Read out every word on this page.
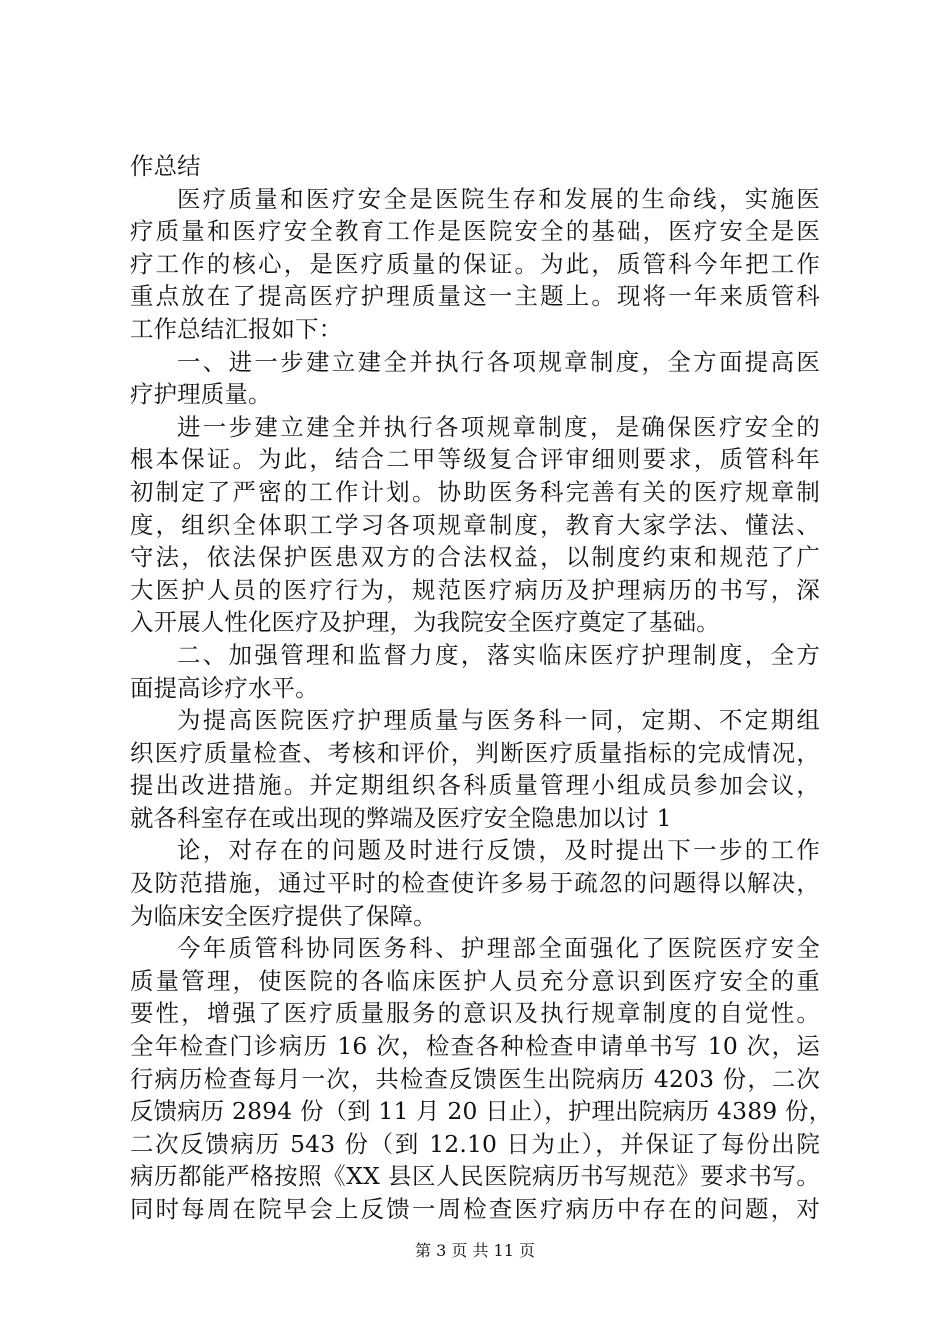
作总结
医疗质量和医疗安全是医院生存和发展的生命线，实施医
疗质量和医疗安全教育工作是医院安全的基础，医疗安全是医
疗工作的核心，是医疗质量的保证。为此，质管科今年把工作
重点放在了提高医疗护理质量这一主题上。现将一年来质管科
工作总结汇报如下：
一、进一步建立建全并执行各项规章制度，全方面提高医
疗护理质量。
进一步建立建全并执行各项规章制度，是确保医疗安全的
根本保证。为此，结合二甲等级复合评审细则要求，质管科年
初制定了严密的工作计划。协助医务科完善有关的医疗规章制
度，组织全体职工学习各项规章制度，教育大家学法、懂法、
守法，依法保护医患双方的合法权益，以制度约束和规范了广
大医护人员的医疗行为，规范医疗病历及护理病历的书写，深
入开展人性化医疗及护理，为我院安全医疗奠定了基础。
二、加强管理和监督力度，落实临床医疗护理制度，全方
面提高诊疗水平。
为提高医院医疗护理质量与医务科一同，定期、不定期组
织医疗质量检查、考核和评价，判断医疗质量指标的完成情况，
提出改进措施。并定期组织各科质量管理小组成员参加会议，
就各科室存在或出现的弊端及医疗安全隐患加以讨 1
论，对存在的问题及时进行反馈，及时提出下一步的工作
及防范措施，通过平时的检查使许多易于疏忽的问题得以解决，
为临床安全医疗提供了保障。
今年质管科协同医务科、护理部全面强化了医院医疗安全
质量管理，使医院的各临床医护人员充分意识到医疗安全的重
要性，增强了医疗质量服务的意识及执行规章制度的自觉性。
全年检查门诊病历 16 次，检查各种检查申请单书写 10 次，运
行病历检查每月一次，共检查反馈医生出院病历 4203 份，二次
反馈病历 2894 份（到 11 月 20 日止），护理出院病历 4389 份，
二次反馈病历 543 份（到 12.10 日为止），并保证了每份出院
病历都能严格按照《XX 县区人民医院病历书写规范》要求书写。
同时每周在院早会上反馈一周检查医疗病历中存在的问题，对
第 3 页 共 11 页
